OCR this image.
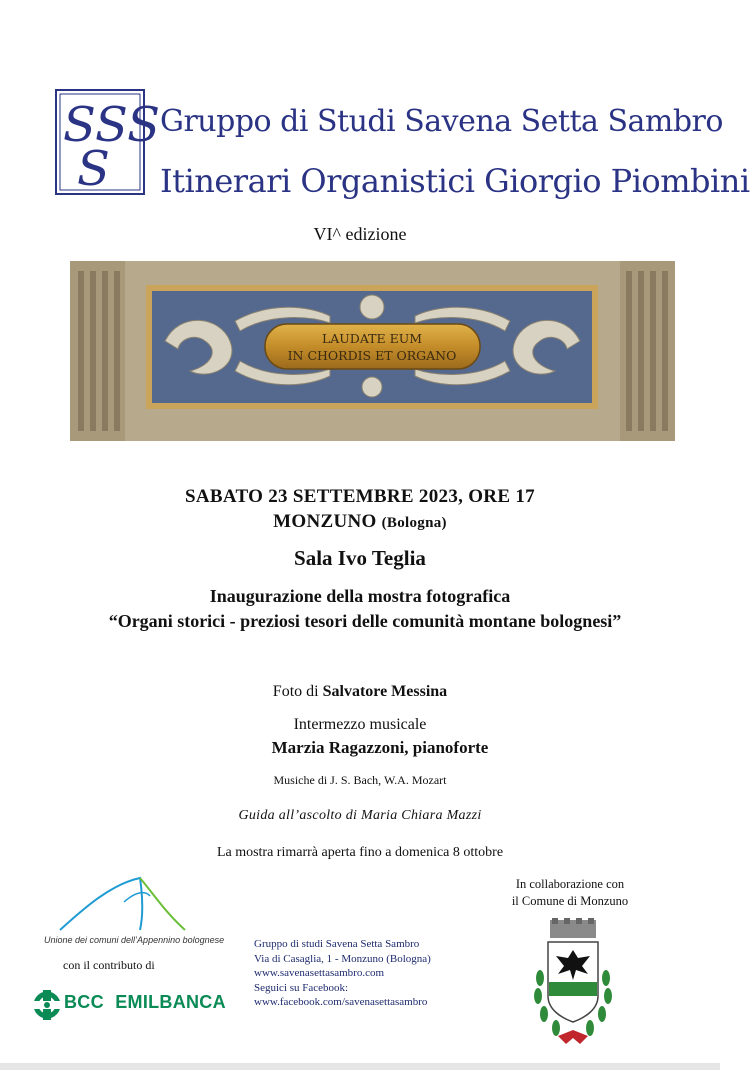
SSS
S
Gruppo di Studi Savena Setta Sambro
Itinerari Organistici Giorgio Piombini
VI^ edizione
LAUDATE EUM
IN CHORDIS ET ORGANO
SABATO 23 SETTEMBRE 2023, ORE 17
MONZUNO (Bologna)
Sala Ivo Teglia
Inaugurazione della mostra fotografica
“Organi storici - preziosi tesori delle comunità montane bolognesi”
Foto di Salvatore Messina
Intermezzo musicale
Marzia Ragazzoni, pianoforte
Musiche di J. S. Bach, W.A. Mozart
Guida all’ascolto di Maria Chiara Mazzi
La mostra rimarrà aperta fino a domenica 8 ottobre
Unione dei comuni dell’Appennino bolognese
con il contributo di
BCC EMILBANCA
Gruppo di studi Savena Setta Sambro
Via di Casaglia, 1 - Monzuno (Bologna)
www.savenasettasambro.com
Seguici su Facebook:
www.facebook.com/savenasettasambro
In collaborazione con
il Comune di Monzuno
